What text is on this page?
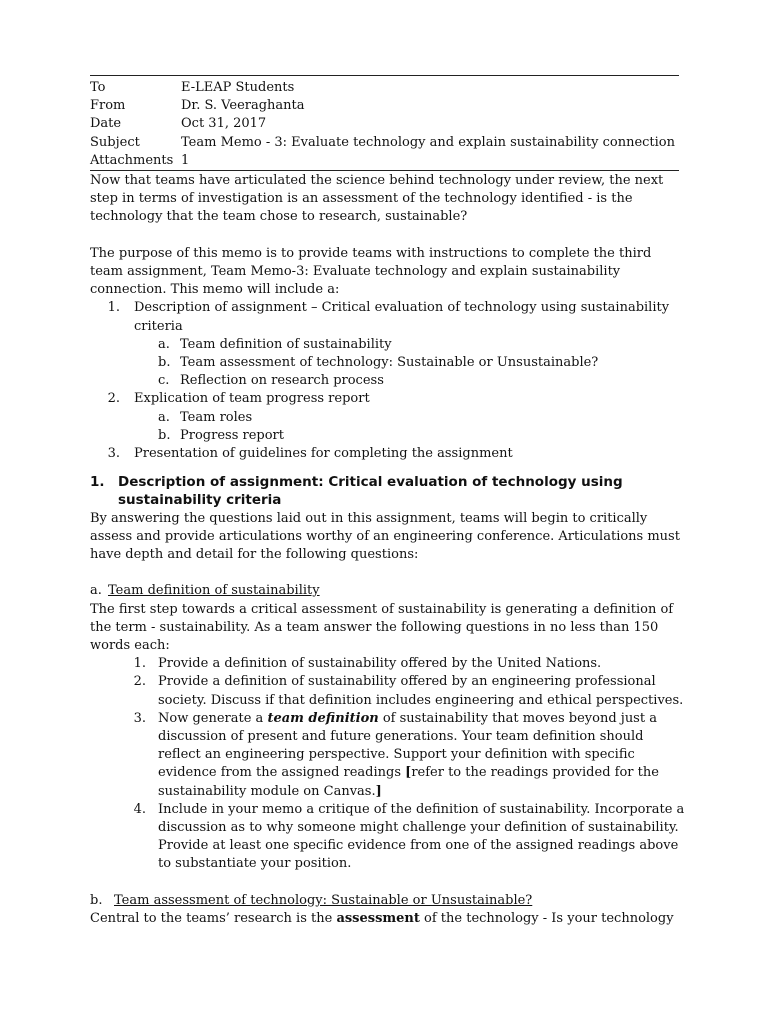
To	E-LEAP Students
From	Dr. S. Veeraghanta
Date	Oct 31, 2017
Subject	Team Memo - 3: Evaluate technology and explain sustainability connection
Attachments 1

Now that teams have articulated the science behind technology under review, the next step in terms of investigation is an assessment of the technology identified - is the technology that the team chose to research, sustainable?

The purpose of this memo is to provide teams with instructions to complete the third team assignment, Team Memo-3: Evaluate technology and explain sustainability connection. This memo will include a:

1.	Description of assignment – Critical evaluation of technology using sustainability criteria
a. Team definition of sustainability
b. Team assessment of technology: Sustainable or Unsustainable?
c. Reflection on research process
2.	Explication of team progress report
a. Team roles
b. Progress report
3.	Presentation of guidelines for completing the assignment
1. Description of assignment: Critical evaluation of technology using sustainability criteria

By answering the questions laid out in this assignment, teams will begin to critically assess and provide articulations worthy of an engineering conference. Articulations must have depth and detail for the following questions:

a. Team definition of sustainability

The first step towards a critical assessment of sustainability is generating a definition of the term - sustainability. As a team answer the following questions in no less than 150 words each:

1. Provide a definition of sustainability offered by the United Nations.
2. Provide a definition of sustainability offered by an engineering professional society. Discuss if that definition includes engineering and ethical perspectives.
3. Now generate a team definition of sustainability that moves beyond just a discussion of present and future generations. Your team definition should reflect an engineering perspective. Support your definition with specific evidence from the assigned readings [refer to the readings provided for the sustainability module on Canvas.]
4. Include in your memo a critique of the definition of sustainability. Incorporate a discussion as to why someone might challenge your definition of sustainability. Provide at least one specific evidence from one of the assigned readings above to substantiate your position.
b. Team assessment of technology: Sustainable or Unsustainable?

Central to the teams’ research is the assessment of the technology - Is your technology
